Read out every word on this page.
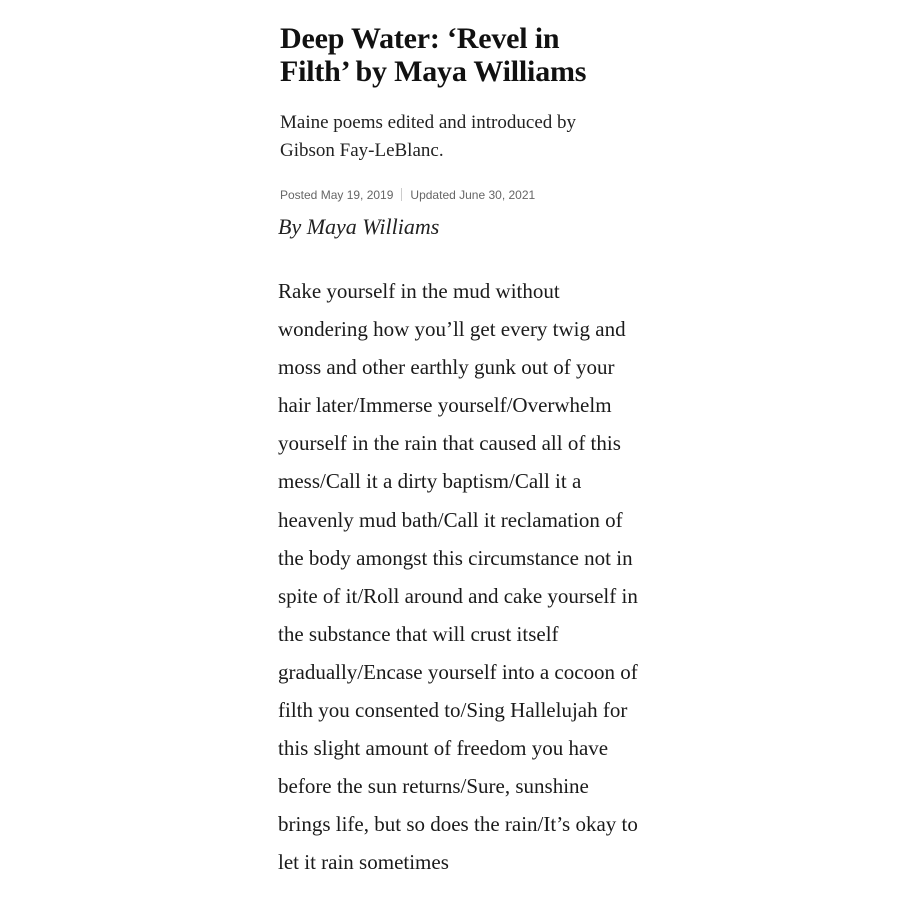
Deep Water: ‘Revel in
Filth’ by Maya Williams

Maine poems edited and introduced by
Gibson Fay-LeBlanc.

Posted May 19, 2019 Updated June 30, 2021
By Maya Williams
Rake yourself in the mud without
wondering how you’ll get every twig and
moss and other earthly gunk out of your
hair later/Immerse yourself/Overwhelm
yourself in the rain that caused all of this
mess/Call it a dirty baptism/Call it a
heavenly mud bath/Call it reclamation of
the body amongst this circumstance not in
spite of it/Roll around and cake yourself in
the substance that will crust itself
gradually/Encase yourself into a cocoon of
filth you consented to/Sing Hallelujah for
this slight amount of freedom you have
before the sun returns/Sure, sunshine
brings life, but so does the rain/It’s okay to
let it rain sometimes
